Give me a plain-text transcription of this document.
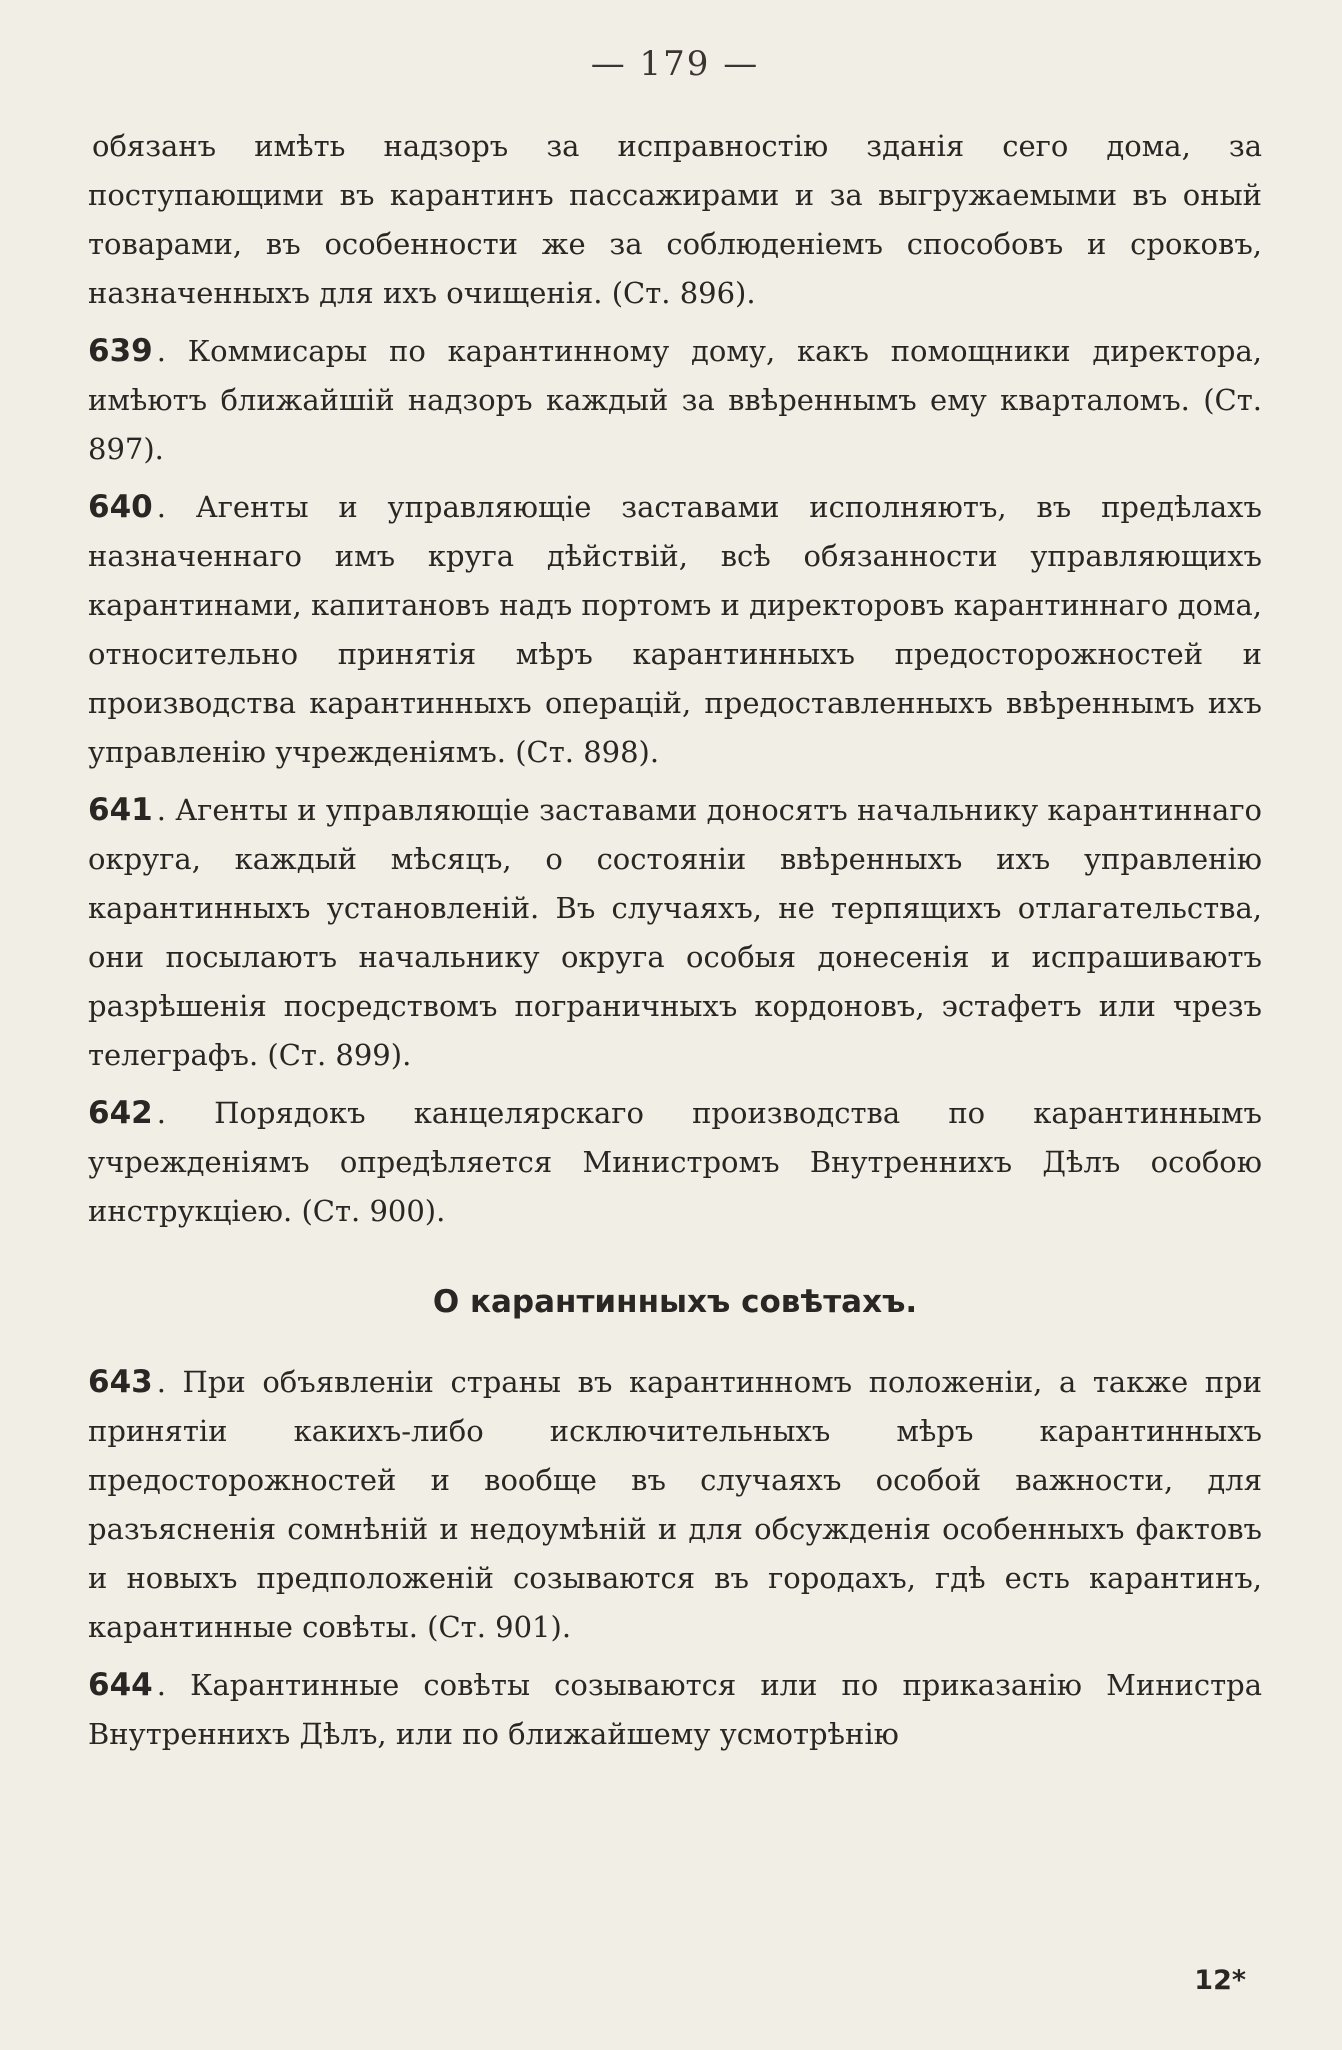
— 179 —

обязанъ имѣть надзоръ за исправностію зданія сего дома, за поступающими въ карантинъ пассажирами и за выгружаемыми въ оный товарами, въ особенности же за соблюденіемъ способовъ и сроковъ, назначенныхъ для ихъ очищенія. (Ст. 896).

639 . Коммисары по карантинному дому, какъ помощники директора, имѣютъ ближайшій надзоръ каждый за ввѣреннымъ ему кварталомъ. (Ст. 897).

640 . Агенты и управляющіе заставами исполняютъ, въ предѣлахъ назначеннаго имъ круга дѣйствій, всѣ обязанности управляющихъ карантинами, капитановъ надъ портомъ и директоровъ карантиннаго дома, относительно принятія мѣръ карантинныхъ предосторожностей и производства карантинныхъ операцій, предоставленныхъ ввѣреннымъ ихъ управленію учрежденіямъ. (Ст. 898).

641 . Агенты и управляющіе заставами доносятъ начальнику карантиннаго округа, каждый мѣсяцъ, о состояніи ввѣренныхъ ихъ управленію карантинныхъ установленій. Въ случаяхъ, не терпящихъ отлагательства, они посылаютъ начальнику округа особыя донесенія и испрашиваютъ разрѣшенія посредствомъ пограничныхъ кордоновъ, эстафетъ или чрезъ телеграфъ. (Ст. 899).

642 . Порядокъ канцелярскаго производства по карантиннымъ учрежденіямъ опредѣляется Министромъ Внутреннихъ Дѣлъ особою инструкціею. (Ст. 900).

О карантинныхъ совѣтахъ.

643 . При объявленіи страны въ карантинномъ положеніи, а также при принятіи какихъ-либо исключительныхъ мѣръ карантинныхъ предосторожностей и вообще въ случаяхъ особой важности, для разъясненія сомнѣній и недоумѣній и для обсужденія особенныхъ фактовъ и новыхъ предположеній созываются въ городахъ, гдѣ есть карантинъ, карантинные совѣты. (Ст. 901).

644 . Карантинные совѣты созываются или по приказанію Министра Внутреннихъ Дѣлъ, или по ближайшему усмотрѣнію

12*
